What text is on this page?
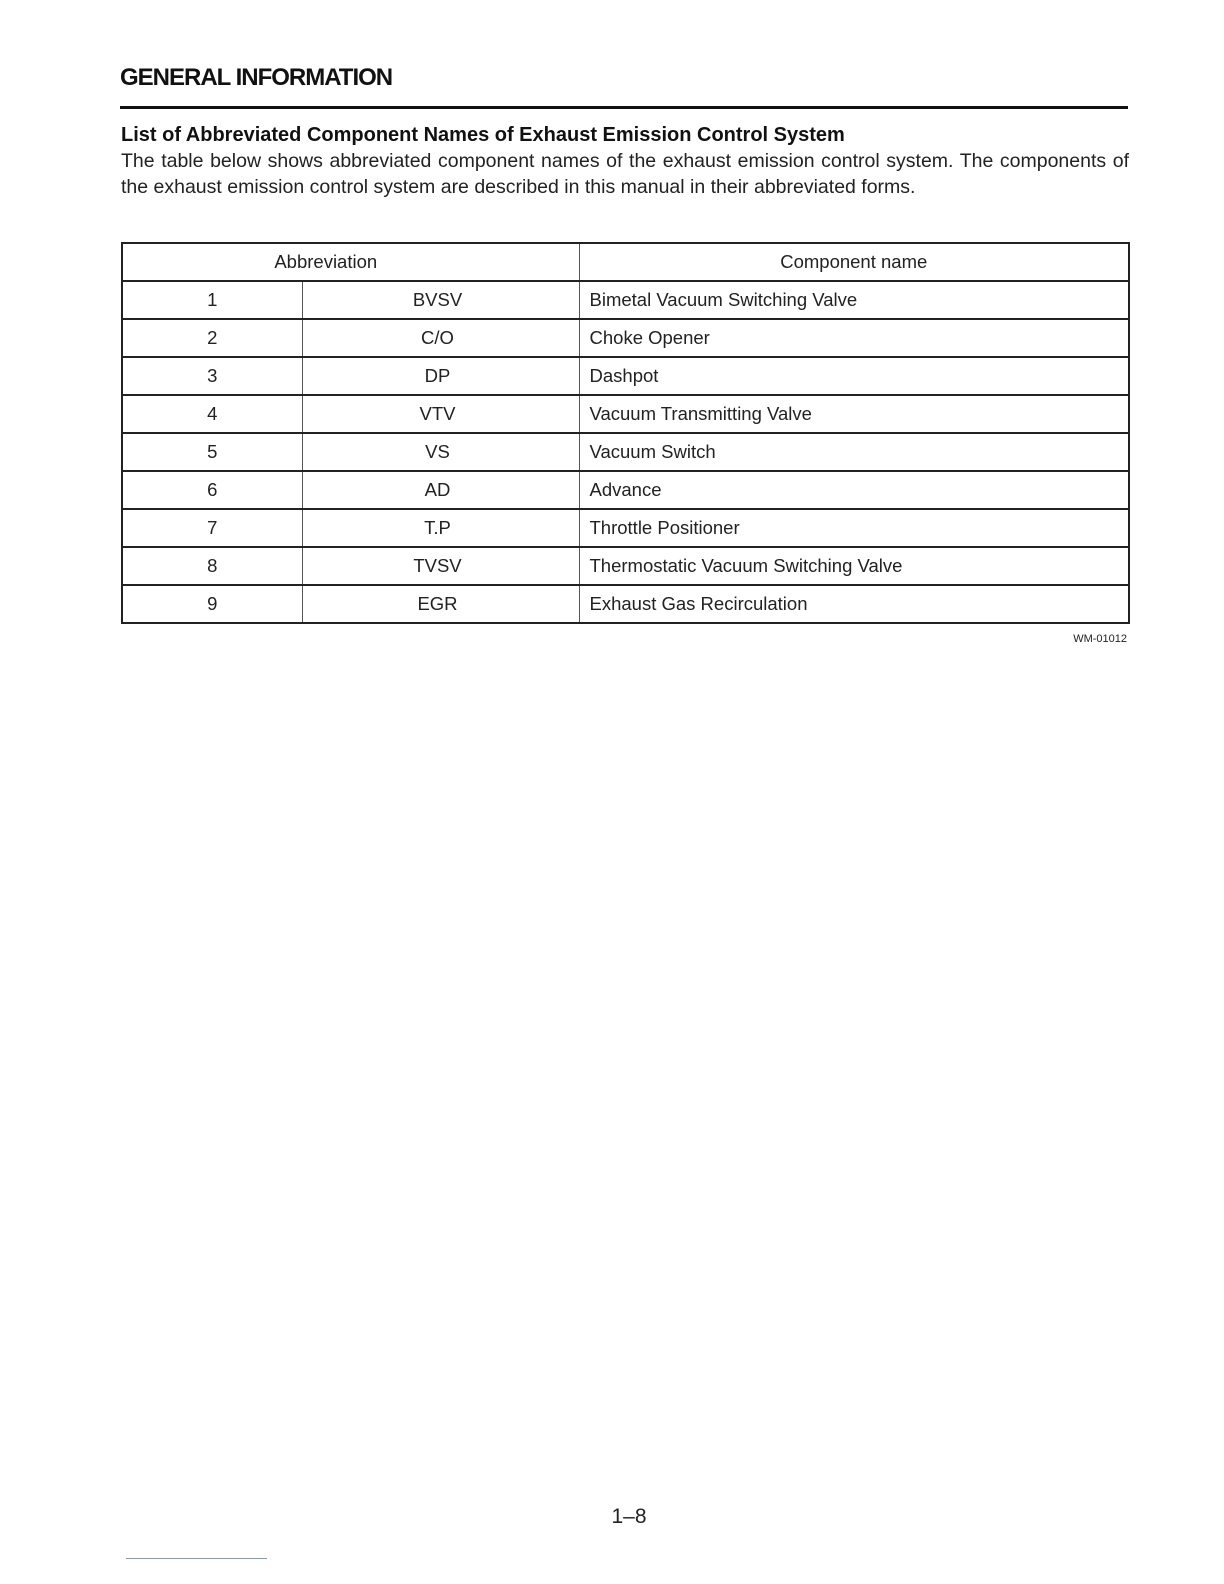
GENERAL INFORMATION
List of Abbreviated Component Names of Exhaust Emission Control System

The table below shows abbreviated component names of the exhaust emission control system. The components of the exhaust emission control system are described in this manual in their abbreviated forms.

Abbreviation		Component name
1	BVSV	Bimetal Vacuum Switching Valve
2	C/O	Choke Opener
3	DP	Dashpot
4	VTV	Vacuum Transmitting Valve
5	VS	Vacuum Switch
6	AD	Advance
7	T.P	Throttle Positioner
8	TVSV	Thermostatic Vacuum Switching Valve
9	EGR	Exhaust Gas Recirculation

WM-01012

1–8
